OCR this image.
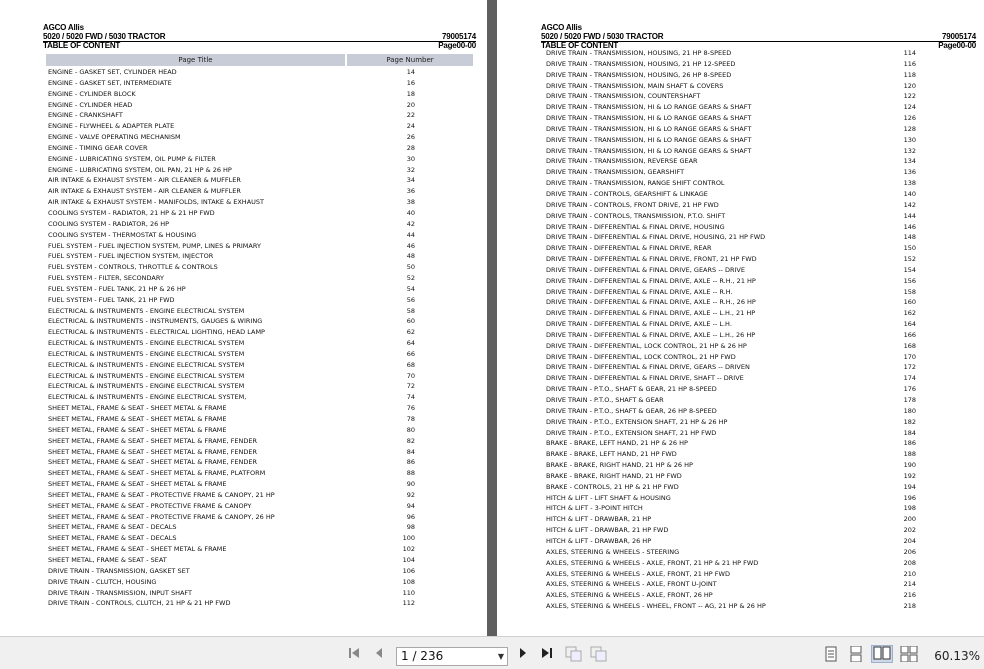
AGCO Allis
5020 / 5020 FWD / 5030 TRACTOR	79005174
TABLE OF CONTENT	Page00-00
Page Title	Page Number
ENGINE - GASKET SET, CYLINDER HEAD	14
ENGINE - GASKET SET, INTERMEDIATE	16
ENGINE - CYLINDER BLOCK	18
ENGINE - CYLINDER HEAD	20
ENGINE - CRANKSHAFT	22
ENGINE - FLYWHEEL & ADAPTER PLATE	24
ENGINE - VALVE OPERATING MECHANISM	26
ENGINE - TIMING GEAR COVER	28
ENGINE - LUBRICATING SYSTEM, OIL PUMP & FILTER	30
ENGINE - LUBRICATING SYSTEM, OIL PAN, 21 HP & 26 HP	32
AIR INTAKE & EXHAUST SYSTEM - AIR CLEANER & MUFFLER	34
AIR INTAKE & EXHAUST SYSTEM - AIR CLEANER & MUFFLER	36
AIR INTAKE & EXHAUST SYSTEM - MANIFOLDS, INTAKE & EXHAUST	38
COOLING SYSTEM - RADIATOR, 21 HP & 21 HP FWD	40
COOLING SYSTEM - RADIATOR, 26 HP	42
COOLING SYSTEM - THERMOSTAT & HOUSING	44
FUEL SYSTEM - FUEL INJECTION SYSTEM, PUMP, LINES & PRIMARY	46
FUEL SYSTEM - FUEL INJECTION SYSTEM, INJECTOR	48
FUEL SYSTEM - CONTROLS, THROTTLE & CONTROLS	50
FUEL SYSTEM - FILTER, SECONDARY	52
FUEL SYSTEM - FUEL TANK, 21 HP & 26 HP	54
FUEL SYSTEM - FUEL TANK, 21 HP FWD	56
ELECTRICAL & INSTRUMENTS - ENGINE ELECTRICAL SYSTEM	58
ELECTRICAL & INSTRUMENTS - INSTRUMENTS, GAUGES & WIRING	60
ELECTRICAL & INSTRUMENTS - ELECTRICAL LIGHTING, HEAD LAMP	62
ELECTRICAL & INSTRUMENTS - ENGINE ELECTRICAL SYSTEM	64
ELECTRICAL & INSTRUMENTS - ENGINE ELECTRICAL SYSTEM	66
ELECTRICAL & INSTRUMENTS - ENGINE ELECTRICAL SYSTEM	68
ELECTRICAL & INSTRUMENTS - ENGINE ELECTRICAL SYSTEM	70
ELECTRICAL & INSTRUMENTS - ENGINE ELECTRICAL SYSTEM	72
ELECTRICAL & INSTRUMENTS - ENGINE ELECTRICAL SYSTEM,	74
SHEET METAL, FRAME & SEAT - SHEET METAL & FRAME	76
SHEET METAL, FRAME & SEAT - SHEET METAL & FRAME	78
SHEET METAL, FRAME & SEAT - SHEET METAL & FRAME	80
SHEET METAL, FRAME & SEAT - SHEET METAL & FRAME, FENDER	82
SHEET METAL, FRAME & SEAT - SHEET METAL & FRAME, FENDER	84
SHEET METAL, FRAME & SEAT - SHEET METAL & FRAME, FENDER	86
SHEET METAL, FRAME & SEAT - SHEET METAL & FRAME, PLATFORM	88
SHEET METAL, FRAME & SEAT - SHEET METAL & FRAME	90
SHEET METAL, FRAME & SEAT - PROTECTIVE FRAME & CANOPY, 21 HP	92
SHEET METAL, FRAME & SEAT - PROTECTIVE FRAME & CANOPY	94
SHEET METAL, FRAME & SEAT - PROTECTIVE FRAME & CANOPY, 26 HP	96
SHEET METAL, FRAME & SEAT - DECALS	98
SHEET METAL, FRAME & SEAT - DECALS	100
SHEET METAL, FRAME & SEAT - SHEET METAL & FRAME	102
SHEET METAL, FRAME & SEAT - SEAT	104
DRIVE TRAIN - TRANSMISSION, GASKET SET	106
DRIVE TRAIN - CLUTCH, HOUSING	108
DRIVE TRAIN - TRANSMISSION, INPUT SHAFT	110
DRIVE TRAIN - CONTROLS, CLUTCH, 21 HP & 21 HP FWD	112
AGCO Allis
5020 / 5020 FWD / 5030 TRACTOR	79005174
TABLE OF CONTENT	Page00-00
DRIVE TRAIN - TRANSMISSION, HOUSING, 21 HP 8-SPEED	114
DRIVE TRAIN - TRANSMISSION, HOUSING, 21 HP 12-SPEED	116
DRIVE TRAIN - TRANSMISSION, HOUSING, 26 HP 8-SPEED	118
DRIVE TRAIN - TRANSMISSION, MAIN SHAFT & COVERS	120
DRIVE TRAIN - TRANSMISSION, COUNTERSHAFT	122
DRIVE TRAIN - TRANSMISSION, HI & LO RANGE GEARS & SHAFT	124
DRIVE TRAIN - TRANSMISSION, HI & LO RANGE GEARS & SHAFT	126
DRIVE TRAIN - TRANSMISSION, HI & LO RANGE GEARS & SHAFT	128
DRIVE TRAIN - TRANSMISSION, HI & LO RANGE GEARS & SHAFT	130
DRIVE TRAIN - TRANSMISSION, HI & LO RANGE GEARS & SHAFT	132
DRIVE TRAIN - TRANSMISSION, REVERSE GEAR	134
DRIVE TRAIN - TRANSMISSION, GEARSHIFT	136
DRIVE TRAIN - TRANSMISSION, RANGE SHIFT CONTROL	138
DRIVE TRAIN - CONTROLS, GEARSHIFT & LINKAGE	140
DRIVE TRAIN - CONTROLS, FRONT DRIVE, 21 HP FWD	142
DRIVE TRAIN - CONTROLS, TRANSMISSION, P.T.O. SHIFT	144
DRIVE TRAIN - DIFFERENTIAL & FINAL DRIVE, HOUSING	146
DRIVE TRAIN - DIFFERENTIAL & FINAL DRIVE, HOUSING, 21 HP FWD	148
DRIVE TRAIN - DIFFERENTIAL & FINAL DRIVE, REAR	150
DRIVE TRAIN - DIFFERENTIAL & FINAL DRIVE, FRONT, 21 HP FWD	152
DRIVE TRAIN - DIFFERENTIAL & FINAL DRIVE, GEARS -- DRIVE	154
DRIVE TRAIN - DIFFERENTIAL & FINAL DRIVE, AXLE -- R.H., 21 HP	156
DRIVE TRAIN - DIFFERENTIAL & FINAL DRIVE, AXLE -- R.H.	158
DRIVE TRAIN - DIFFERENTIAL & FINAL DRIVE, AXLE -- R.H., 26 HP	160
DRIVE TRAIN - DIFFERENTIAL & FINAL DRIVE, AXLE -- L.H., 21 HP	162
DRIVE TRAIN - DIFFERENTIAL & FINAL DRIVE, AXLE -- L.H.	164
DRIVE TRAIN - DIFFERENTIAL & FINAL DRIVE, AXLE -- L.H., 26 HP	166
DRIVE TRAIN - DIFFERENTIAL, LOCK CONTROL, 21 HP & 26 HP	168
DRIVE TRAIN - DIFFERENTIAL, LOCK CONTROL, 21 HP FWD	170
DRIVE TRAIN - DIFFERENTIAL & FINAL DRIVE, GEARS -- DRIVEN	172
DRIVE TRAIN - DIFFERENTIAL & FINAL DRIVE, SHAFT -- DRIVE	174
DRIVE TRAIN - P.T.O., SHAFT & GEAR, 21 HP 8-SPEED	176
DRIVE TRAIN - P.T.O., SHAFT & GEAR	178
DRIVE TRAIN - P.T.O., SHAFT & GEAR, 26 HP 8-SPEED	180
DRIVE TRAIN - P.T.O., EXTENSION SHAFT, 21 HP & 26 HP	182
DRIVE TRAIN - P.T.O., EXTENSION SHAFT, 21 HP FWD	184
BRAKE - BRAKE, LEFT HAND, 21 HP & 26 HP	186
BRAKE - BRAKE, LEFT HAND, 21 HP FWD	188
BRAKE - BRAKE, RIGHT HAND, 21 HP & 26 HP	190
BRAKE - BRAKE, RIGHT HAND, 21 HP FWD	192
BRAKE - CONTROLS, 21 HP & 21 HP FWD	194
HITCH & LIFT - LIFT SHAFT & HOUSING	196
HITCH & LIFT - 3-POINT HITCH	198
HITCH & LIFT - DRAWBAR, 21 HP	200
HITCH & LIFT - DRAWBAR, 21 HP FWD	202
HITCH & LIFT - DRAWBAR, 26 HP	204
AXLES, STEERING & WHEELS - STEERING	206
AXLES, STEERING & WHEELS - AXLE, FRONT, 21 HP & 21 HP FWD	208
AXLES, STEERING & WHEELS - AXLE, FRONT, 21 HP FWD	210
AXLES, STEERING & WHEELS - AXLE, FRONT U-JOINT	214
AXLES, STEERING & WHEELS - AXLE, FRONT, 26 HP	216
AXLES, STEERING & WHEELS - WHEEL, FRONT -- AG, 21 HP & 26 HP	218
1 / 236	▼	60.13%
